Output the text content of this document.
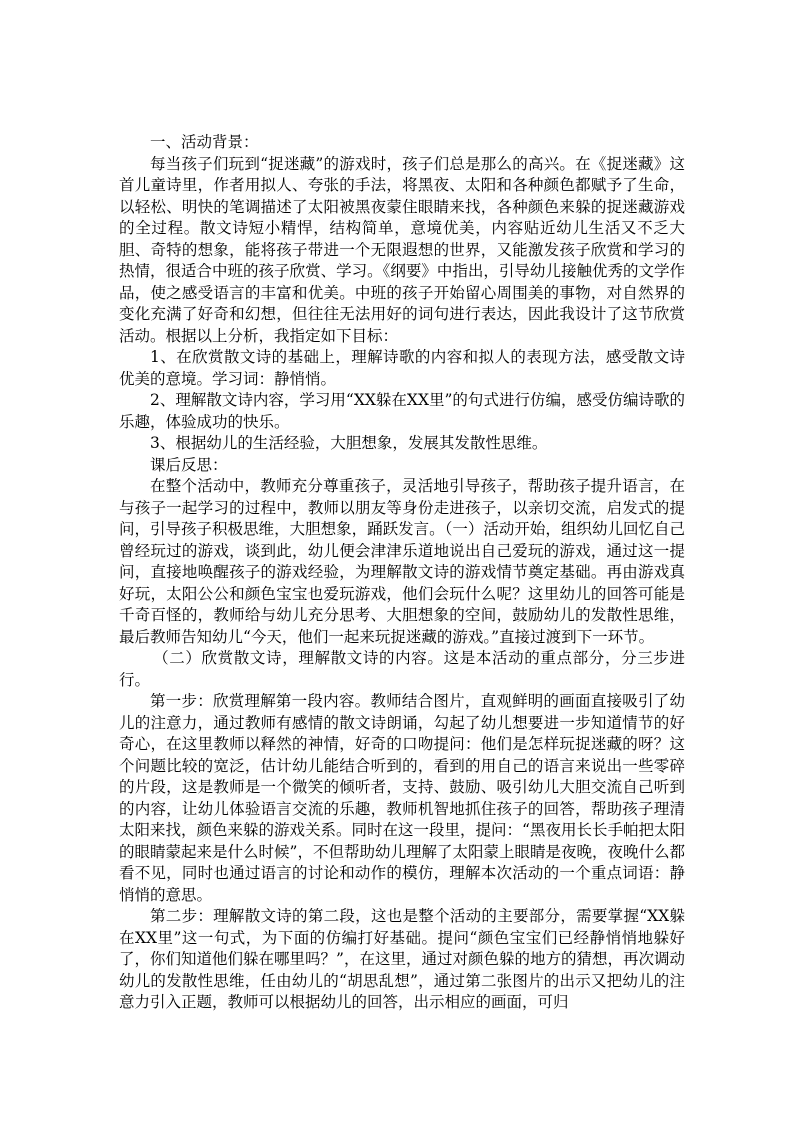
一、活动背景：

每当孩子们玩到“捉迷藏”的游戏时，孩子们总是那么的高兴。在《捉迷藏》这首儿童诗里，作者用拟人、夸张的手法，将黑夜、太阳和各种颜色都赋予了生命，以轻松、明快的笔调描述了太阳被黑夜蒙住眼睛来找，各种颜色来躲的捉迷藏游戏的全过程。散文诗短小精悍，结构简单，意境优美，内容贴近幼儿生活又不乏大胆、奇特的想象，能将孩子带进一个无限遐想的世界，又能激发孩子欣赏和学习的热情，很适合中班的孩子欣赏、学习。《纲要》中指出，引导幼儿接触优秀的文学作品，使之感受语言的丰富和优美。中班的孩子开始留心周围美的事物，对自然界的变化充满了好奇和幻想，但往往无法用好的词句进行表达，因此我设计了这节欣赏活动。根据以上分析，我指定如下目标：

1、在欣赏散文诗的基础上，理解诗歌的内容和拟人的表现方法，感受散文诗优美的意境。学习词：静悄悄。

2、理解散文诗内容，学习用“XX躲在XX里”的句式进行仿编，感受仿编诗歌的乐趣，体验成功的快乐。

3、根据幼儿的生活经验，大胆想象，发展其发散性思维。

课后反思：

在整个活动中，教师充分尊重孩子，灵活地引导孩子，帮助孩子提升语言，在与孩子一起学习的过程中，教师以朋友等身份走进孩子，以亲切交流，启发式的提问，引导孩子积极思维，大胆想象，踊跃发言。（一）活动开始，组织幼儿回忆自己曾经玩过的游戏，谈到此，幼儿便会津津乐道地说出自己爱玩的游戏，通过这一提问，直接地唤醒孩子的游戏经验，为理解散文诗的游戏情节奠定基础。再由游戏真好玩，太阳公公和颜色宝宝也爱玩游戏，他们会玩什么呢？这里幼儿的回答可能是千奇百怪的，教师给与幼儿充分思考、大胆想象的空间，鼓励幼儿的发散性思维，最后教师告知幼儿“今天，他们一起来玩捉迷藏的游戏。”直接过渡到下一环节。

（二）欣赏散文诗，理解散文诗的内容。这是本活动的重点部分，分三步进行。

第一步：欣赏理解第一段内容。教师结合图片，直观鲜明的画面直接吸引了幼儿的注意力，通过教师有感情的散文诗朗诵，勾起了幼儿想要进一步知道情节的好奇心，在这里教师以释然的神情，好奇的口吻提问：他们是怎样玩捉迷藏的呀？这个问题比较的宽泛，估计幼儿能结合听到的，看到的用自己的语言来说出一些零碎的片段，这是教师是一个微笑的倾听者，支持、鼓励、吸引幼儿大胆交流自己听到的内容，让幼儿体验语言交流的乐趣，教师机智地抓住孩子的回答，帮助孩子理清太阳来找，颜色来躲的游戏关系。同时在这一段里，提问：“黑夜用长长手帕把太阳的眼睛蒙起来是什么时候”，不但帮助幼儿理解了太阳蒙上眼睛是夜晚，夜晚什么都看不见，同时也通过语言的讨论和动作的模仿，理解本次活动的一个重点词语：静悄悄的意思。

第二步：理解散文诗的第二段，这也是整个活动的主要部分，需要掌握“XX躲在XX里”这一句式，为下面的仿编打好基础。提问“颜色宝宝们已经静悄悄地躲好了，你们知道他们躲在哪里吗？”，在这里，通过对颜色躲的地方的猜想，再次调动幼儿的发散性思维，任由幼儿的“胡思乱想”，通过第二张图片的出示又把幼儿的注意力引入正题，教师可以根据幼儿的回答，出示相应的画面，可归
